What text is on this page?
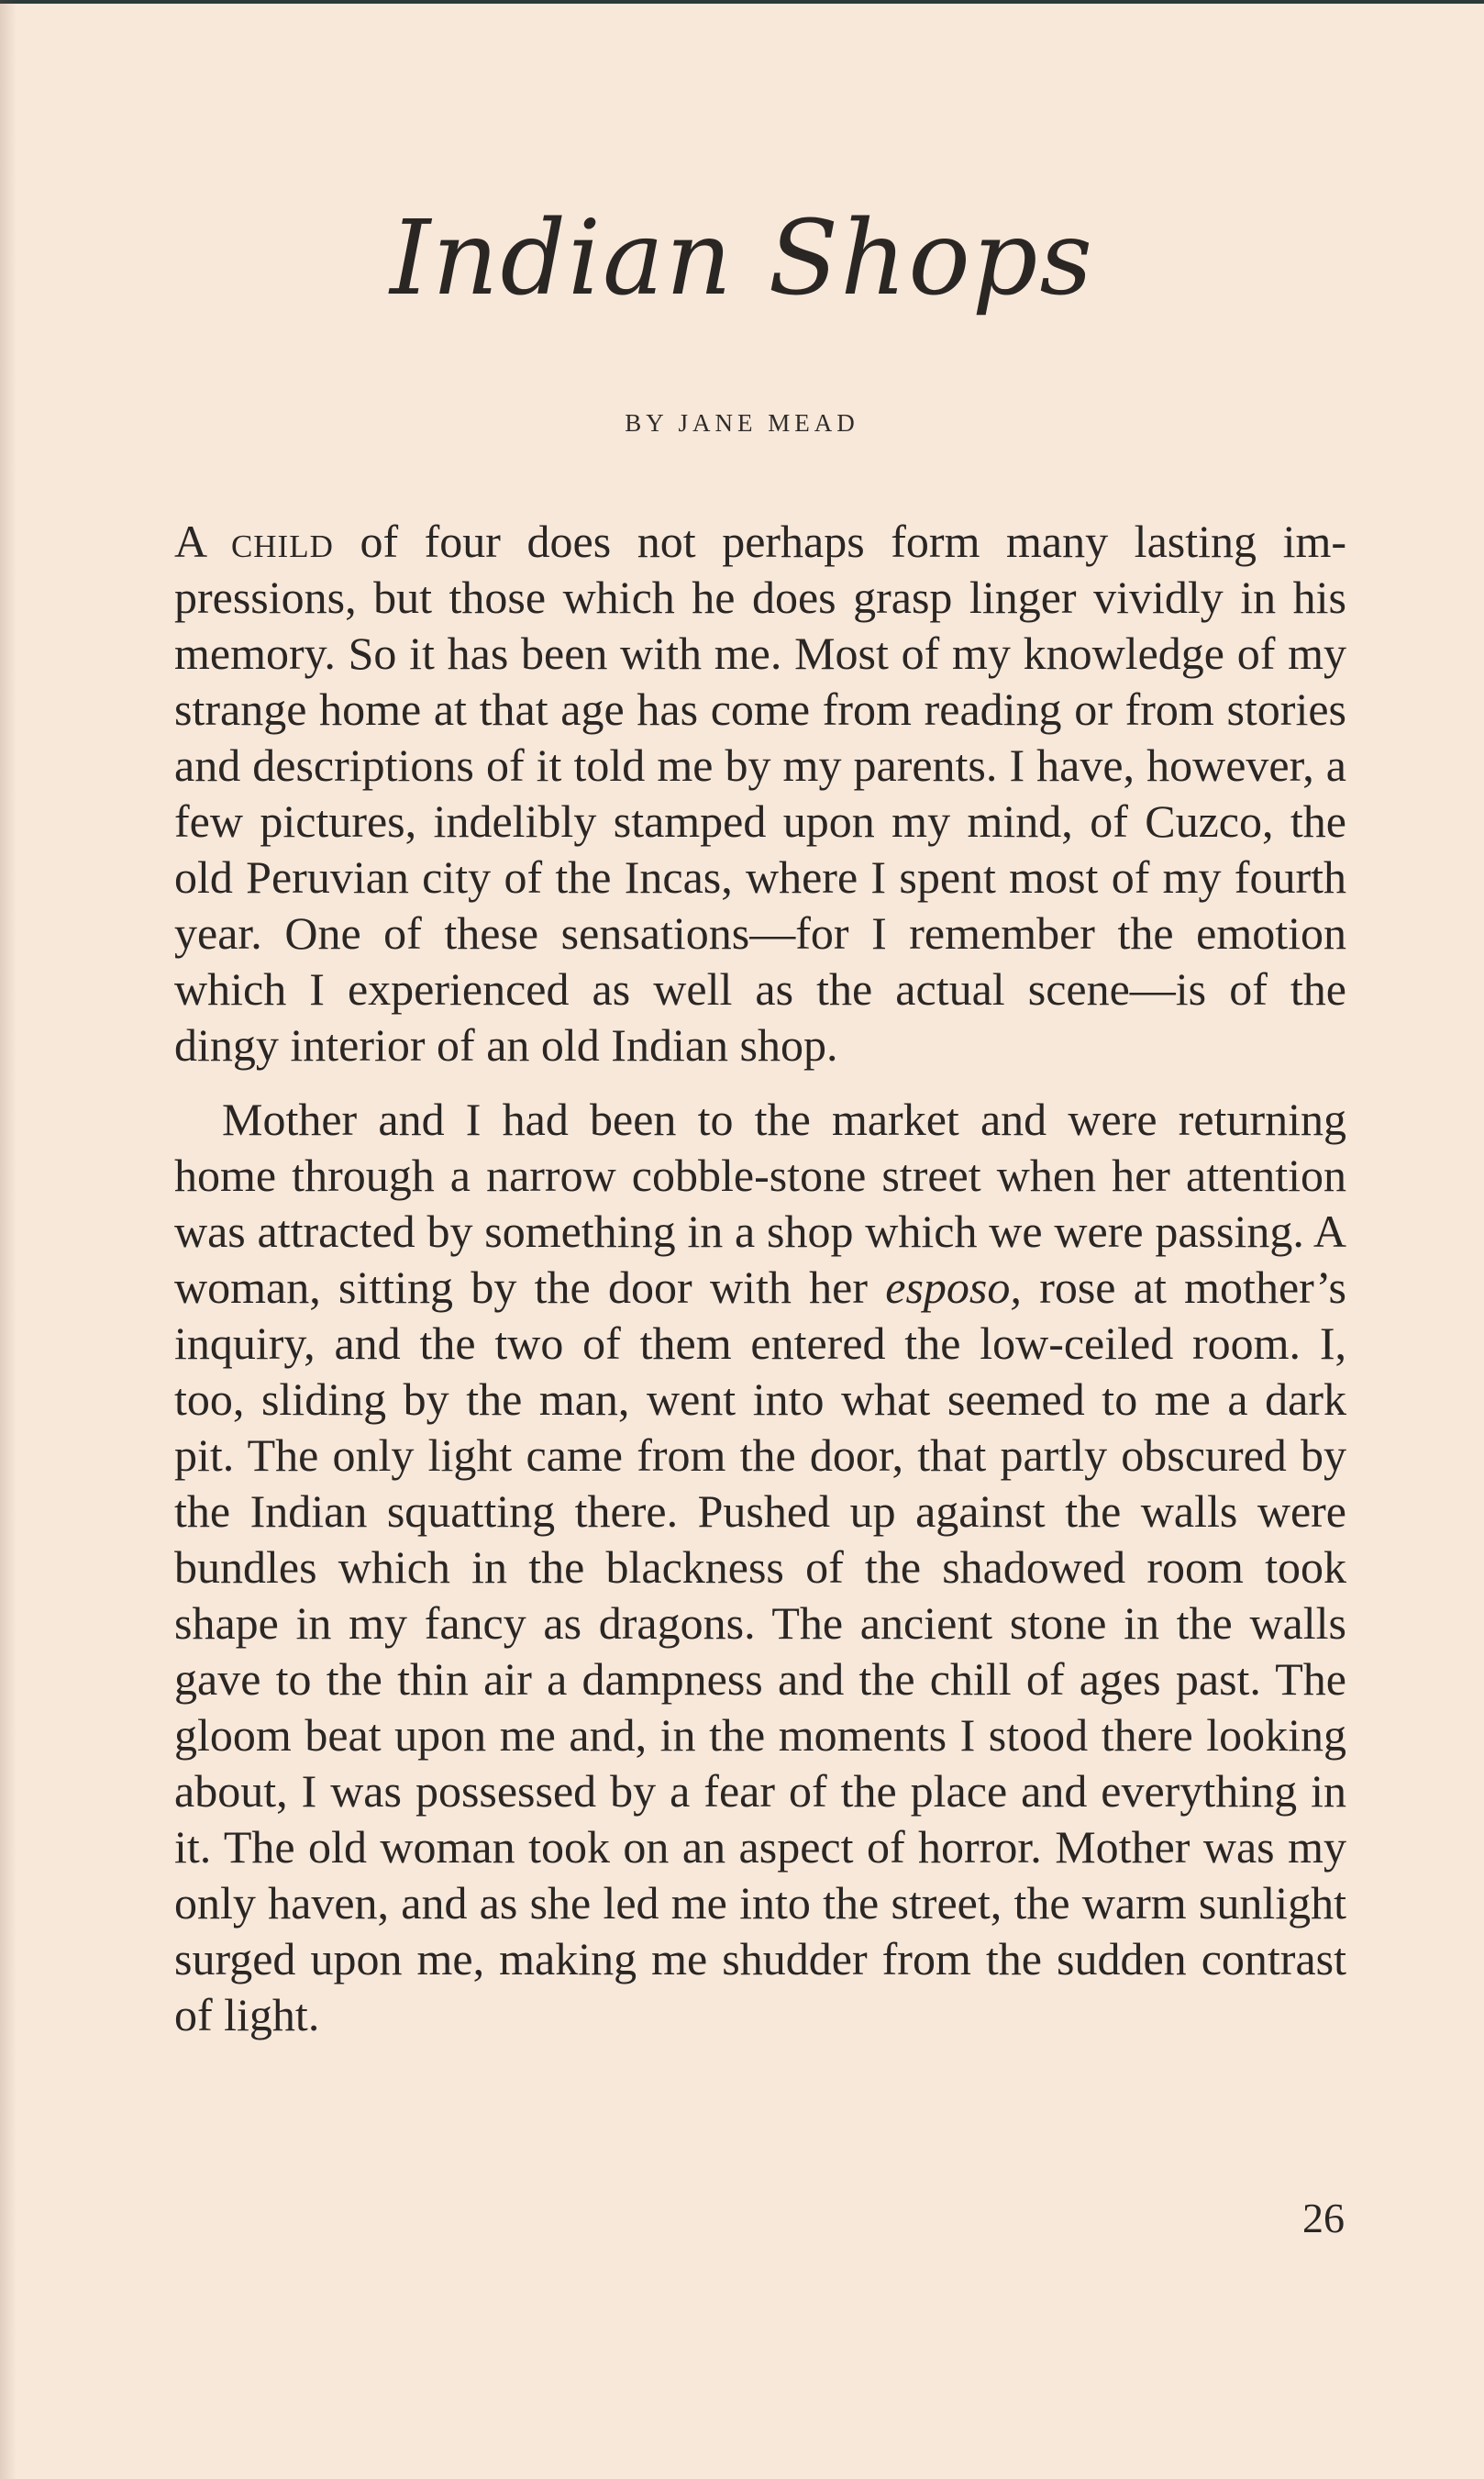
Indian Shops
BY JANE MEAD

A child of four does not perhaps form many lasting impressions, but those which he does grasp linger vividly in his memory. So it has been with me. Most of my knowledge of my strange home at that age has come from reading or from stories and descriptions of it told me by my parents. I have, however, a few pictures, indelibly stamped upon my mind, of Cuzco, the old Peruvian city of the Incas, where I spent most of my fourth year. One of these sensations—for I remember the emotion which I experienced as well as the actual scene—is of the dingy interior of an old Indian shop.

Mother and I had been to the market and were returning home through a narrow cobble-stone street when her attention was attracted by something in a shop which we were passing. A woman, sitting by the door with her esposo, rose at mother’s inquiry, and the two of them entered the low-ceiled room. I, too, sliding by the man, went into what seemed to me a dark pit. The only light came from the door, that partly obscured by the Indian squatting there. Pushed up against the walls were bundles which in the blackness of the shadowed room took shape in my fancy as dragons. The ancient stone in the walls gave to the thin air a dampness and the chill of ages past. The gloom beat upon me and, in the moments I stood there looking about, I was possessed by a fear of the place and everything in it. The old woman took on an aspect of horror. Mother was my only haven, and as she led me into the street, the warm sunlight surged upon me, making me shudder from the sudden contrast of light.

26
